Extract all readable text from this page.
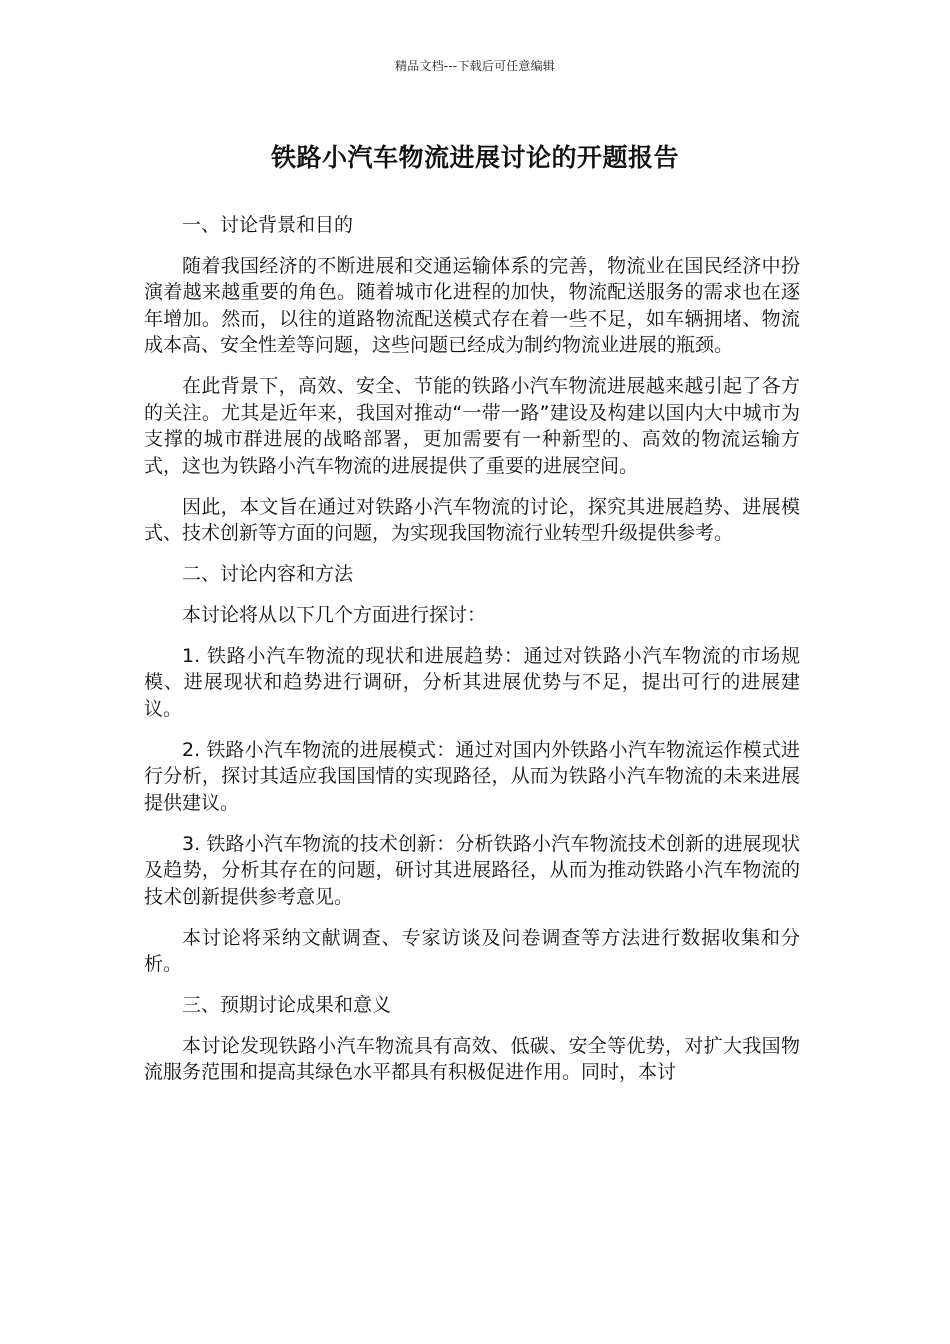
精品文档---下载后可任意编辑
铁路小汽车物流进展讨论的开题报告

一、讨论背景和目的

随着我国经济的不断进展和交通运输体系的完善，物流业在国民经济中扮演着越来越重要的角色。随着城市化进程的加快，物流配送服务的需求也在逐年增加。然而，以往的道路物流配送模式存在着一些不足，如车辆拥堵、物流成本高、安全性差等问题，这些问题已经成为制约物流业进展的瓶颈。

在此背景下，高效、安全、节能的铁路小汽车物流进展越来越引起了各方的关注。尤其是近年来，我国对推动“一带一路”建设及构建以国内大中城市为支撑的城市群进展的战略部署，更加需要有一种新型的、高效的物流运输方式，这也为铁路小汽车物流的进展提供了重要的进展空间。

因此，本文旨在通过对铁路小汽车物流的讨论，探究其进展趋势、进展模式、技术创新等方面的问题，为实现我国物流行业转型升级提供参考。

二、讨论内容和方法

本讨论将从以下几个方面进行探讨：

1. 铁路小汽车物流的现状和进展趋势：通过对铁路小汽车物流的市场规模、进展现状和趋势进行调研，分析其进展优势与不足，提出可行的进展建议。

2. 铁路小汽车物流的进展模式：通过对国内外铁路小汽车物流运作模式进行分析，探讨其适应我国国情的实现路径，从而为铁路小汽车物流的未来进展提供建议。

3. 铁路小汽车物流的技术创新：分析铁路小汽车物流技术创新的进展现状及趋势，分析其存在的问题，研讨其进展路径，从而为推动铁路小汽车物流的技术创新提供参考意见。

本讨论将采纳文献调查、专家访谈及问卷调查等方法进行数据收集和分析。

三、预期讨论成果和意义

本讨论发现铁路小汽车物流具有高效、低碳、安全等优势，对扩大我国物流服务范围和提高其绿色水平都具有积极促进作用。同时，本讨
